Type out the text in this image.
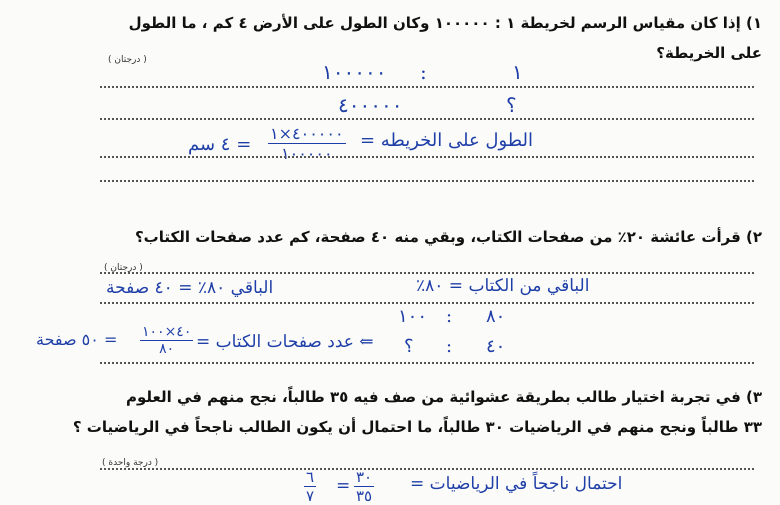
١) إذا كان مقياس الرسم لخريطة ١ : ١٠٠٠٠٠ وكان الطول على الأرض ٤ كم ، ما الطول
على الخريطة؟
( درجتان )	١٠٠٠٠٠ :	١
٤٠٠٠٠٠	؟
الطول على الخريطه =
٤٠٠٠٠٠×١
١٠٠٠٠٠
= ٤ سم
٢) قرأت عائشة ٢٠٪ من صفحات الكتاب، وبقي منه ٤٠ صفحة، كم عدد صفحات الكتاب؟
( درجتان )
الباقي من الكتاب = ٨٠٪
الباقي ٨٠٪ = ٤٠ صفحة
١٠٠ : ٨٠
⇐ عدد صفحات الكتاب =
٤٠×١٠٠
٨٠
= ٥٠ صفحة	؟ : ٤٠
٣) في تجربة اختيار طالب بطريقة عشوائية من صف فيه ٣٥ طالباً، نجح منهم في العلوم
٣٣ طالباً ونجح منهم في الرياضيات ٣٠ طالباً، ما احتمال أن يكون الطالب ناجحاً في الرياضيات ؟
( درجة واحدة )
احتمال ناجحاً في الرياضيات =
٣٠
٣٥
=
٦
٧
